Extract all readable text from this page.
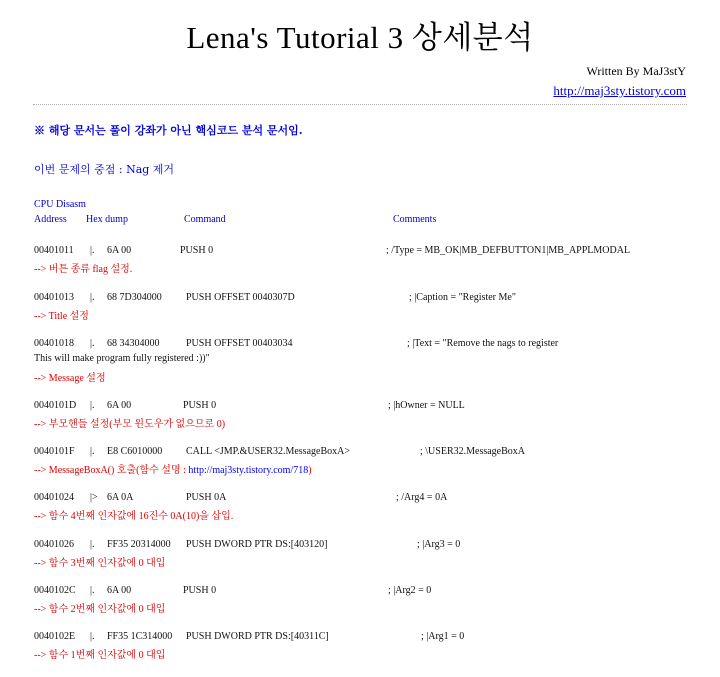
Lena's Tutorial 3 상세분석
Written By MaJ3stY
http://maj3sty.tistory.com
※ 해당 문서는 풀이 강좌가 아닌 핵심코드 분석 문서임.
이번 문제의 중점 : Nag 제거
CPU Disasm
Address Hex dump	Command	Comments
00401011 |. 6A 00	PUSH 0	; /Type = MB_OK|MB_DEFBUTTON1|MB_APPLMODAL
--> 버튼 종류 flag 설정.
00401013 |. 68 7D304000 PUSH OFFSET 0040307D	; |Caption = "Register Me"
--> Title 설정
00401018 |. 68 34304000	PUSH OFFSET 00403034	; |Text = "Remove the nags to register
This will make program fully registered :))"
--> Message 설정
0040101D |. 6A 00	PUSH 0	; |hOwner = NULL
--> 부모핸들 설정(부모 윈도우가 없으므로 0)
0040101F |. E8 C6010000 CALL <JMP.&USER32.MessageBoxA>	; \USER32.MessageBoxA
--> MessageBoxA() 호출(함수 설명 : http://maj3sty.tistory.com/718)
00401024 |> 6A 0A	PUSH 0A	; /Arg4 = 0A
--> 함수 4번째 인자값에 16진수 0A(10)을 삽입.
00401026 |. FF35 20314000 PUSH DWORD PTR DS:[403120]	; |Arg3 = 0
--> 함수 3번째 인자값에 0 대입
0040102C |. 6A 00	PUSH 0	; |Arg2 = 0
--> 함수 2번째 인자값에 0 대입
0040102E |. FF35 1C314000 PUSH DWORD PTR DS:[40311C]	; |Arg1 = 0
--> 함수 1번째 인자값에 0 대입
